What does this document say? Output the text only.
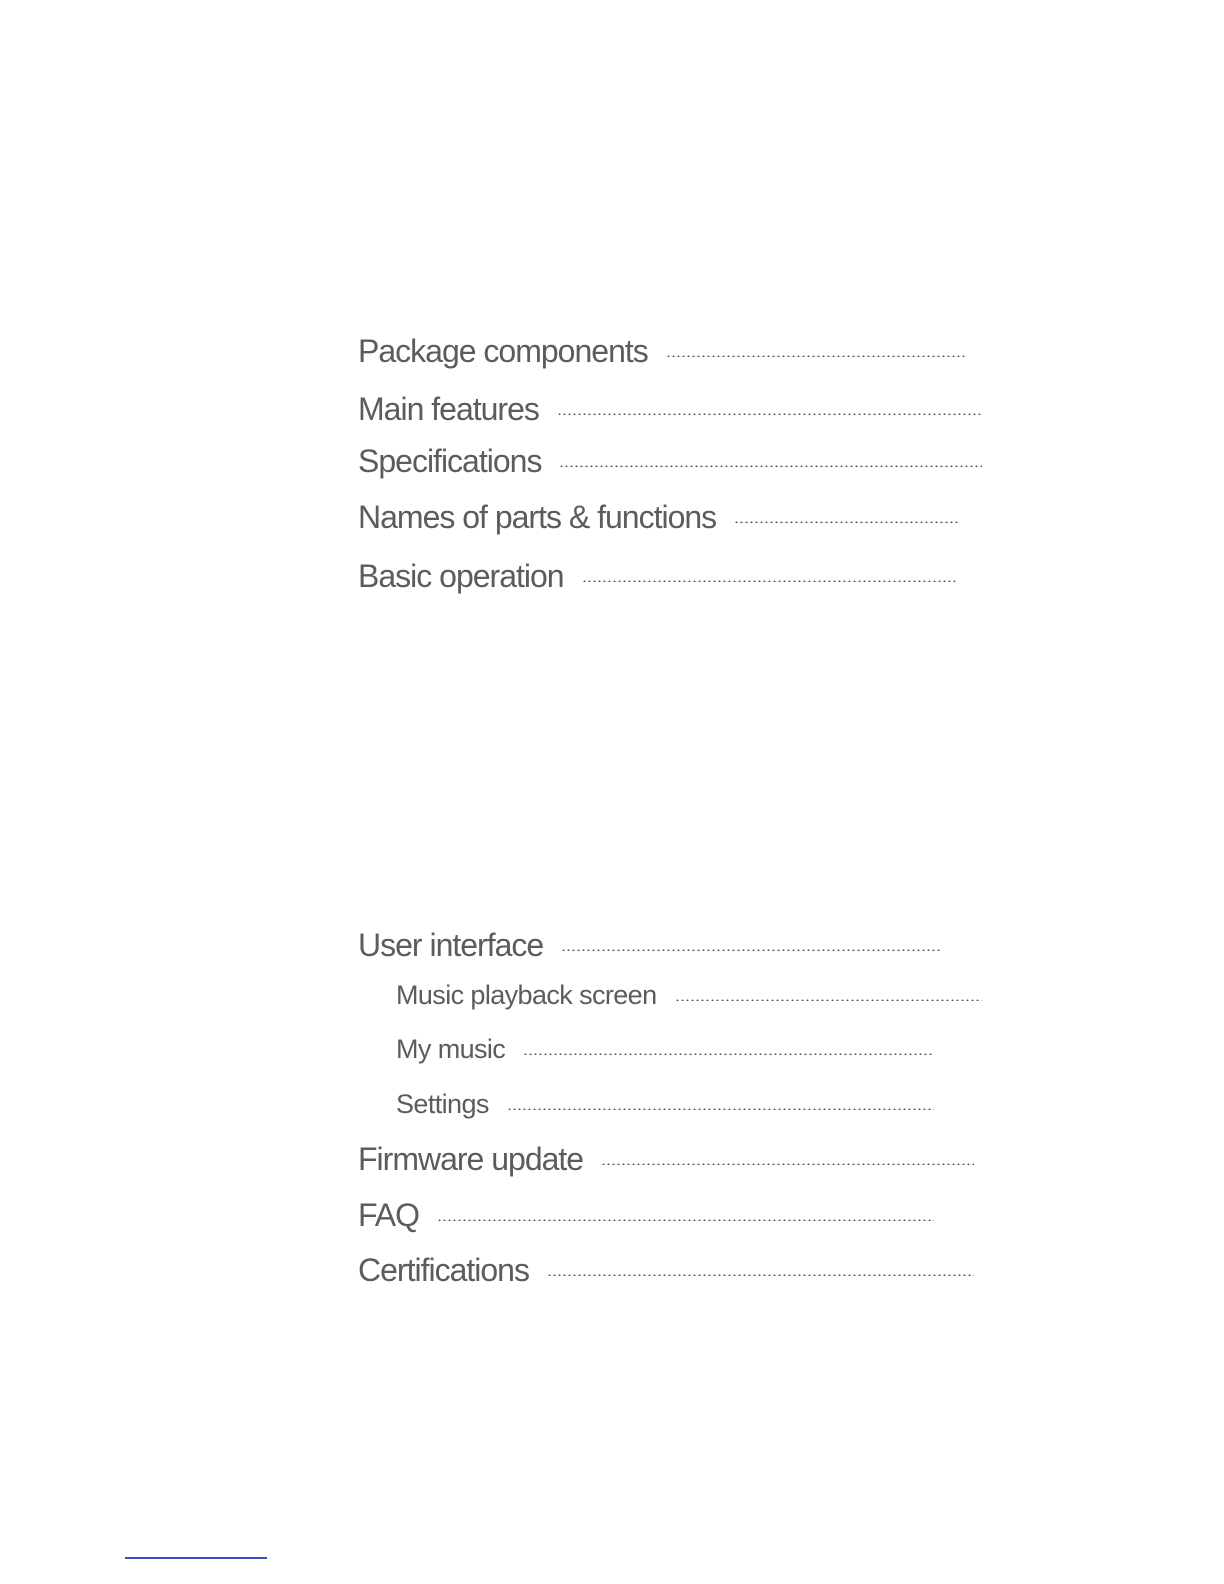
Package components
Main features
Specifications
Names of parts & functions
Basic operation
User interface
Music playback screen
My music
Settings
Firmware update
FAQ
Certifications
